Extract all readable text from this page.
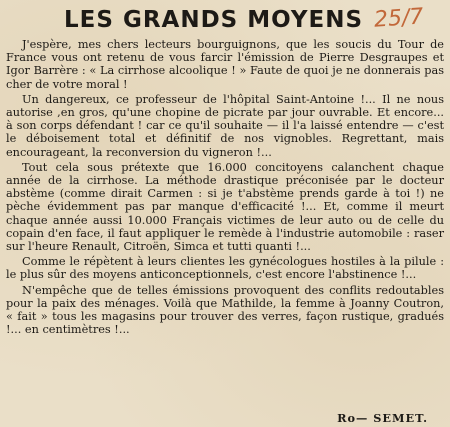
LES GRANDS MOYENS 25/7

J'espère, mes chers lecteurs bourguignons, que les soucis du Tour de France vous ont retenu de vous farcir l'émission de Pierre Desgraupes et Igor Barrère : « La cirrhose alcoolique ! » Faute de quoi je ne donnerais pas cher de votre moral !

Un dangereux, ce professeur de l'hôpital Saint-Antoine !... Il ne nous autorise ,en gros, qu'une chopine de picrate par jour ouvrable. Et encore... à son corps défendant ! car ce qu'il souhaite — il l'a laissé entendre — c'est le déboisement total et définitif de nos vignobles. Regrettant, mais encourageant, la reconversion du vigneron !...

Tout cela sous prétexte que 16.000 concitoyens calanchent chaque année de la cirrhose. La méthode drastique préconisée par le docteur abstème (comme dirait Carmen : si je t'abstème prends garde à toi !) ne pèche évidemment pas par manque d'efficacité !... Et, comme il meurt chaque année aussi 10.000 Français victimes de leur auto ou de celle du copain d'en face, il faut appliquer le remède à l'industrie automobile : raser sur l'heure Renault, Citroën, Simca et tutti quanti !...

Comme le répètent à leurs clientes les gynécologues hostiles à la pilule : le plus sûr des moyens anticonceptionnels, c'est encore l'abstinence !...

N'empêche que de telles émissions provoquent des conflits redoutables pour la paix des ménages. Voilà que Mathilde, la femme à Joanny Coutron, « fait » tous les magasins pour trouver des verres, façon rustique, gradués !... en centimètres !...

Ro— SEMET.
